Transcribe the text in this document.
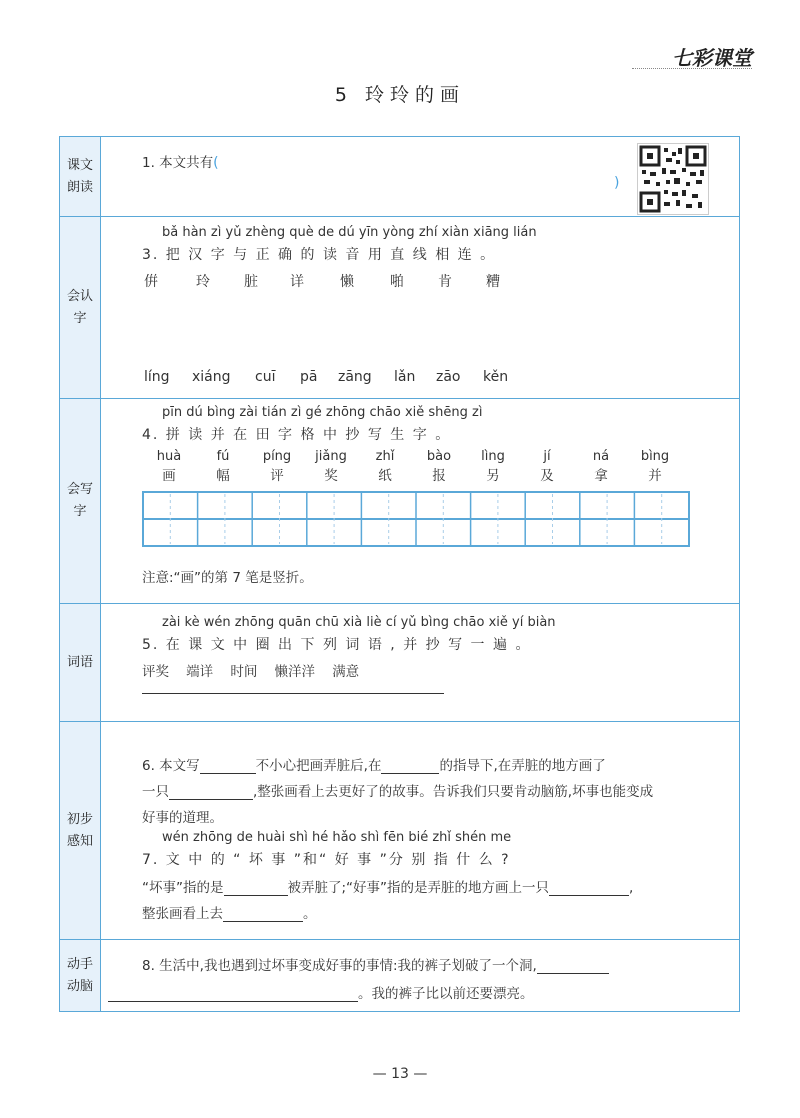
七彩课堂
5 玲玲的画
课文朗读
1. 本文共有(
)
会认字
bǎ hàn zì yǔ zhèng què de dú yīn yòng zhí xiàn xiāng lián
3. 把 汉 字 与 正 确 的 读 音 用 直 线 相 连 。
倂	玲 脏 详 懒 啪 肯 糟
líng xiáng cuī pā zāng lǎn zāo kěn
会写字
pīn dú bìng zài tián zì gé zhōng chāo xiě shēng zì
4. 拼 读 并 在 田 字 格 中 抄 写 生 字 。
huà
画
fú
幅
píng
评
jiǎng
奖
zhǐ
纸
bào
报
lìng
另
jí
及
ná
拿
bìng
并
注意:“画”的第 7 笔是竖折。
词语
zài kè wén zhōng quān chū xià liè cí yǔ bìng chāo xiě yí biàn
5. 在 课 文 中 圈 出 下 列 词 语 , 并 抄 写 一 遍 。
评奖 端详 时间 懒洋洋 满意
初步感知
6. 本文写	不小心把画弄脏后,在	的指导下,在弄脏的地方画了
一只	,整张画看上去更好了的故事。告诉我们只要肯动脑筋,坏事也能变成
好事的道理。
wén zhōng de huài shì hé hǎo shì fēn bié zhǐ shén me
7. 文 中 的 “ 坏 事 ”和“ 好 事 ”分 别 指 什 么 ?
“坏事”指的是	被弄脏了;“好事”指的是弄脏的地方画上一只	,
整张画看上去	。
动手动脑
8. 生活中,我也遇到过坏事变成好事的事情:我的裤子划破了一个洞,
。我的裤子比以前还要漂亮。
— 13 —
